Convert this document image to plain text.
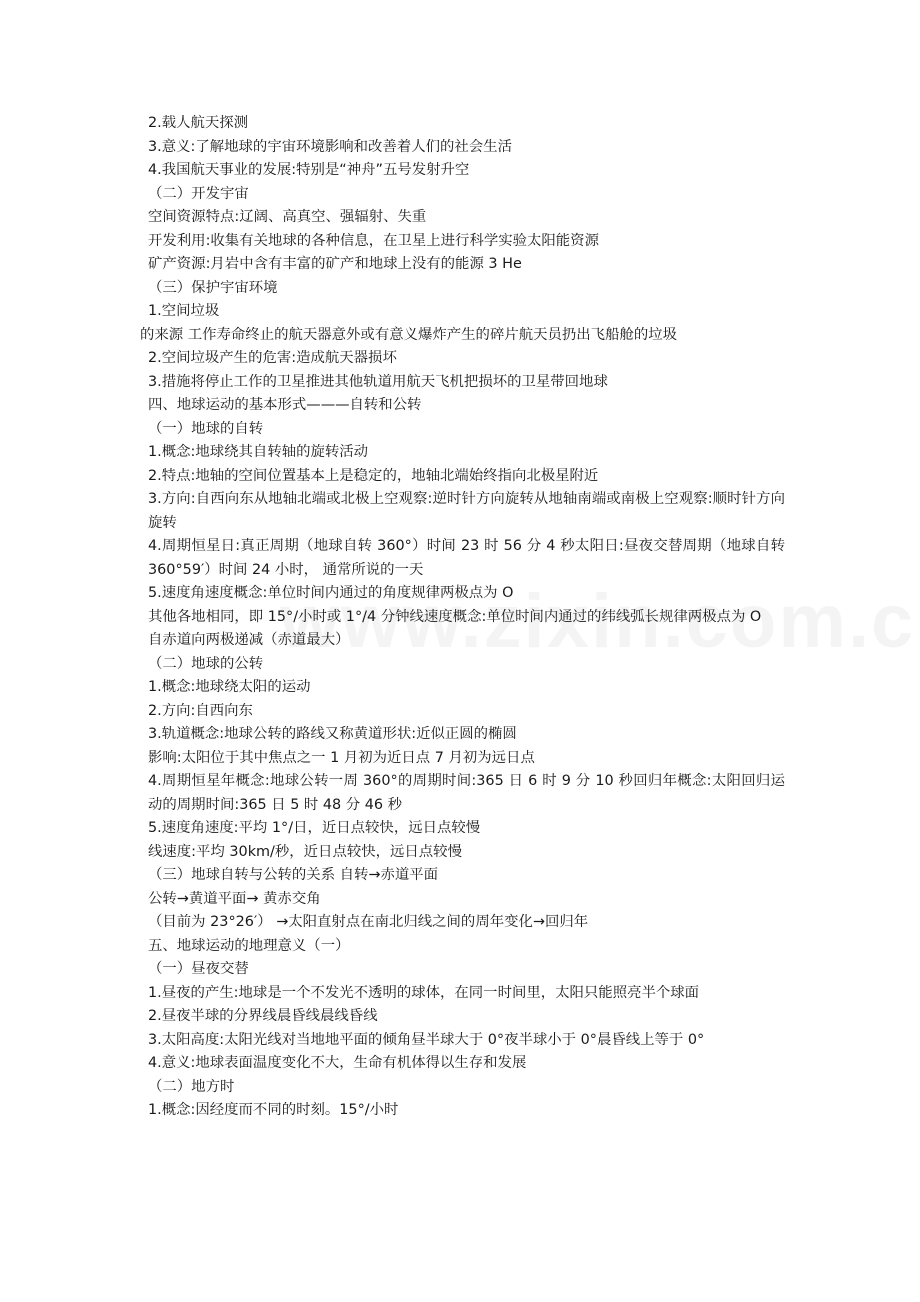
2.载人航天探测
3.意义:了解地球的宇宙环境影响和改善着人们的社会生活
4.我国航天事业的发展:特别是“神舟”五号发射升空
（二）开发宇宙
空间资源特点:辽阔、高真空、强辐射、失重
开发利用:收集有关地球的各种信息，在卫星上进行科学实验太阳能资源
矿产资源:月岩中含有丰富的矿产和地球上没有的能源 3 He
（三）保护宇宙环境
1.空间垃圾
的来源 工作寿命终止的航天器意外或有意义爆炸产生的碎片航天员扔出飞船舱的垃圾
2.空间垃圾产生的危害:造成航天器损坏
3.措施将停止工作的卫星推进其他轨道用航天飞机把损坏的卫星带回地球
四、地球运动的基本形式———自转和公转
（一）地球的自转
1.概念:地球绕其自转轴的旋转活动
2.特点:地轴的空间位置基本上是稳定的，地轴北端始终指向北极星附近
3.方向:自西向东从地轴北端或北极上空观察:逆时针方向旋转从地轴南端或南极上空观察:顺时针方向旋转
4.周期恒星日:真正周期（地球自转 360°）时间 23 时 56 分 4 秒太阳日:昼夜交替周期（地球自转 360°59′）时间 24 小时， 通常所说的一天
5.速度角速度概念:单位时间内通过的角度规律两极点为 O
其他各地相同，即 15°/小时或 1°/4 分钟线速度概念:单位时间内通过的纬线弧长规律两极点为 O
自赤道向两极递减（赤道最大）
（二）地球的公转
1.概念:地球绕太阳的运动
2.方向:自西向东
3.轨道概念:地球公转的路线又称黄道形状:近似正圆的椭圆
影响:太阳位于其中焦点之一 1 月初为近日点 7 月初为远日点
4.周期恒星年概念:地球公转一周 360°的周期时间:365 日 6 时 9 分 10 秒回归年概念:太阳回归运动的周期时间:365 日 5 时 48 分 46 秒
5.速度角速度:平均 1°/日，近日点较快，远日点较慢
线速度:平均 30km/秒，近日点较快，远日点较慢
（三）地球自转与公转的关系 自转→赤道平面
公转→黄道平面→ 黄赤交角
（目前为 23°26′） →太阳直射点在南北归线之间的周年变化→回归年
五、地球运动的地理意义（一）
（一）昼夜交替
1.昼夜的产生:地球是一个不发光不透明的球体，在同一时间里，太阳只能照亮半个球面
2.昼夜半球的分界线晨昏线晨线昏线
3.太阳高度:太阳光线对当地地平面的倾角昼半球大于 0°夜半球小于 0°晨昏线上等于 0°
4.意义:地球表面温度变化不大，生命有机体得以生存和发展
（二）地方时
1.概念:因经度而不同的时刻。15°/小时
